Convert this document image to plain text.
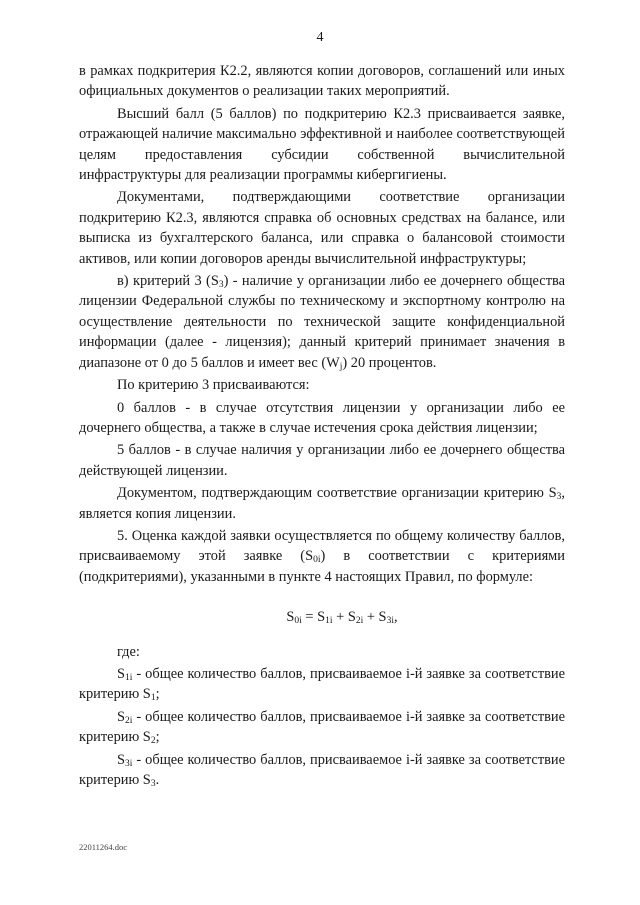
4

в рамках подкритерия К2.2, являются копии договоров, соглашений или иных официальных документов о реализации таких мероприятий.

Высший балл (5 баллов) по подкритерию К2.3 присваивается заявке, отражающей наличие максимально эффективной и наиболее соответствующей целям предоставления субсидии собственной вычислительной инфраструктуры для реализации программы кибергигиены.

Документами, подтверждающими соответствие организации подкритерию К2.3, являются справка об основных средствах на балансе, или выписка из бухгалтерского баланса, или справка о балансовой стоимости активов, или копии договоров аренды вычислительной инфраструктуры;

в) критерий 3 $(S_3)$ - наличие у организации либо ее дочернего общества лицензии Федеральной службы по техническому и экспортному контролю на осуществление деятельности по технической защите конфиденциальной информации (далее - лицензия); данный критерий принимает значения в диапазоне от 0 до 5 баллов и имеет вес $(W_j)$ 20 процентов.

По критерию 3 присваиваются:

0 баллов - в случае отсутствия лицензии у организации либо ее дочернего общества, а также в случае истечения срока действия лицензии;

5 баллов - в случае наличия у организации либо ее дочернего общества действующей лицензии.

Документом, подтверждающим соответствие организации критерию $S_3$, является копия лицензии.

5. Оценка каждой заявки осуществляется по общему количеству баллов, присваиваемому этой заявке $(S_{0i})$ в соответствии с критериями (подкритериями), указанными в пункте 4 настоящих Правил, по формуле:

$S_{0i} = S_{1i} + S_{2i} + S_{3i}$,

где:

$S_{1i}$ - общее количество баллов, присваиваемое i-й заявке за соответствие критерию $S_1$;

$S_{2i}$ - общее количество баллов, присваиваемое i-й заявке за соответствие критерию $S_2$;

$S_{3i}$ - общее количество баллов, присваиваемое i-й заявке за соответствие критерию $S_3$.

22011264.doc
